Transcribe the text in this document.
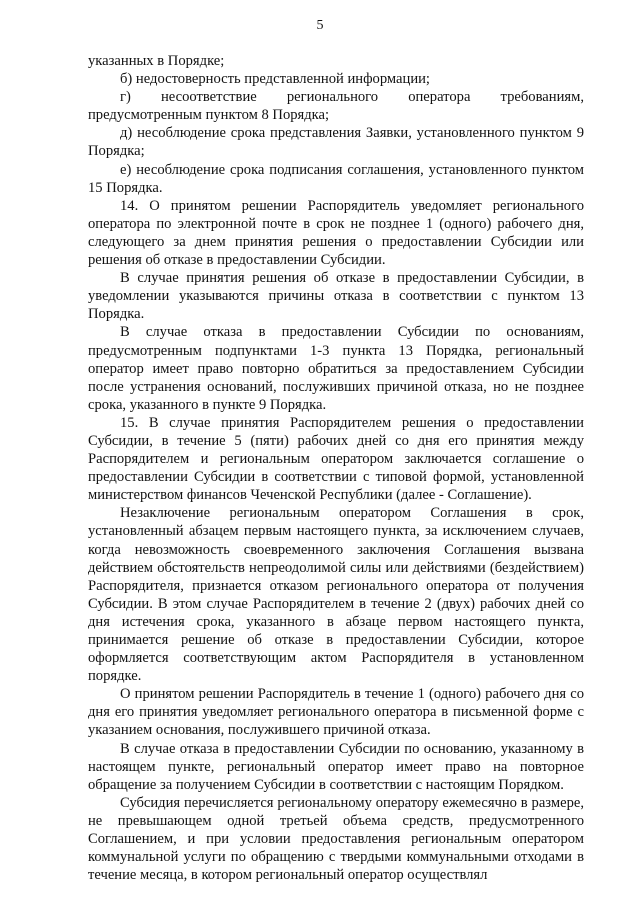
5

указанных в Порядке;

б) недостоверность представленной информации;

г) несоответствие регионального оператора требованиям, предусмотренным пунктом 8 Порядка;

д) несоблюдение срока представления Заявки, установленного пунктом 9 Порядка;

е) несоблюдение срока подписания соглашения, установленного пунктом 15 Порядка.

14. О принятом решении Распорядитель уведомляет регионального оператора по электронной почте в срок не позднее 1 (одного) рабочего дня, следующего за днем принятия решения о предоставлении Субсидии или решения об отказе в предоставлении Субсидии.

В случае принятия решения об отказе в предоставлении Субсидии, в уведомлении указываются причины отказа в соответствии с пунктом 13 Порядка.

В случае отказа в предоставлении Субсидии по основаниям, предусмотренным подпунктами 1-3 пункта 13 Порядка, региональный оператор имеет право повторно обратиться за предоставлением Субсидии после устранения оснований, послуживших причиной отказа, но не позднее срока, указанного в пункте 9 Порядка.

15. В случае принятия Распорядителем решения о предоставлении Субсидии, в течение 5 (пяти) рабочих дней со дня его принятия между Распорядителем и региональным оператором заключается соглашение о предоставлении Субсидии в соответствии с типовой формой, установленной министерством финансов Чеченской Республики (далее - Соглашение).

Незаключение региональным оператором Соглашения в срок, установленный абзацем первым настоящего пункта, за исключением случаев, когда невозможность своевременного заключения Соглашения вызвана действием обстоятельств непреодолимой силы или действиями (бездействием) Распорядителя, признается отказом регионального оператора от получения Субсидии. В этом случае Распорядителем в течение 2 (двух) рабочих дней со дня истечения срока, указанного в абзаце первом настоящего пункта, принимается решение об отказе в предоставлении Субсидии, которое оформляется соответствующим актом Распорядителя в установленном порядке.

О принятом решении Распорядитель в течение 1 (одного) рабочего дня со дня его принятия уведомляет регионального оператора в письменной форме с указанием основания, послужившего причиной отказа.

В случае отказа в предоставлении Субсидии по основанию, указанному в настоящем пункте, региональный оператор имеет право на повторное обращение за получением Субсидии в соответствии с настоящим Порядком.

Субсидия перечисляется региональному оператору ежемесячно в размере, не превышающем одной третьей объема средств, предусмотренного Соглашением, и при условии предоставления региональным оператором коммунальной услуги по обращению с твердыми коммунальными отходами в течение месяца, в котором региональный оператор осуществлял
